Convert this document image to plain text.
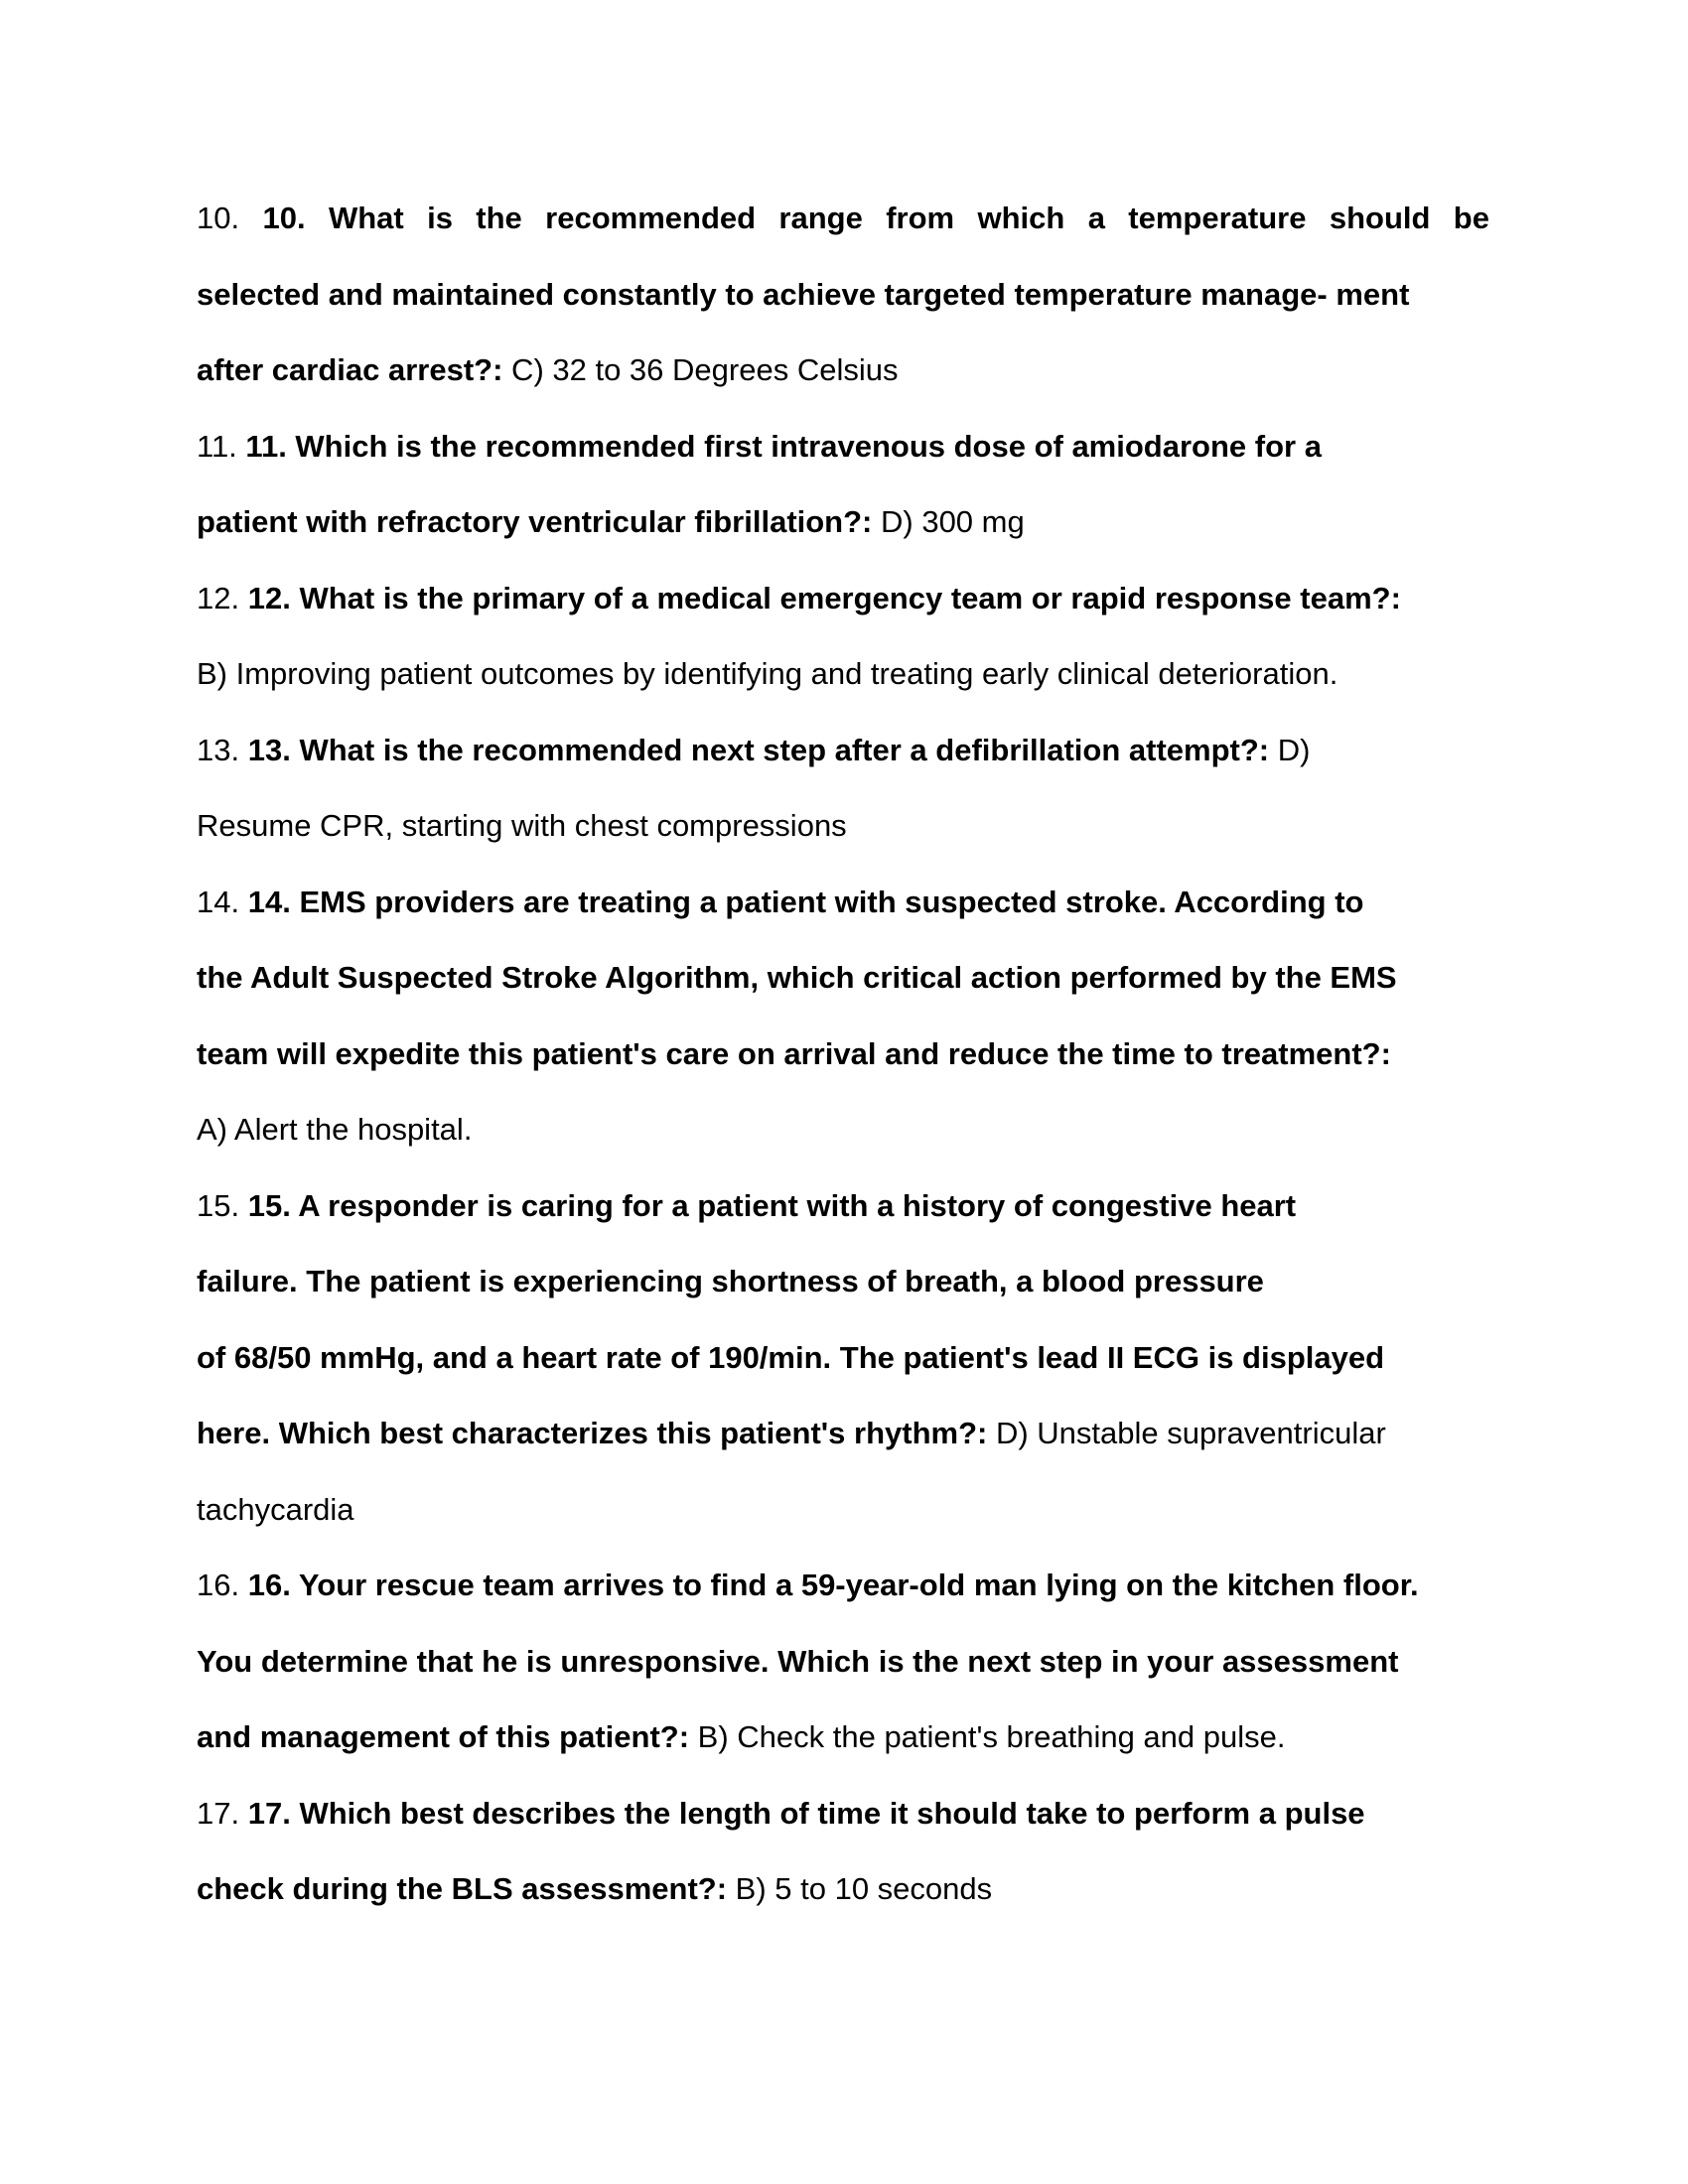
10. 10. What is the recommended range from which a temperature should be
selected and maintained constantly to achieve targeted temperature manage- ment
after cardiac arrest?: C) 32 to 36 Degrees Celsius
11. 11. Which is the recommended first intravenous dose of amiodarone for a
patient with refractory ventricular fibrillation?: D) 300 mg
12. 12. What is the primary of a medical emergency team or rapid response team?:
B) Improving patient outcomes by identifying and treating early clinical deterioration.
13. 13. What is the recommended next step after a defibrillation attempt?: D)
Resume CPR, starting with chest compressions
14. 14. EMS providers are treating a patient with suspected stroke. According to
the Adult Suspected Stroke Algorithm, which critical action performed by the EMS
team will expedite this patient's care on arrival and reduce the time to treatment?:
A) Alert the hospital.
15. 15. A responder is caring for a patient with a history of congestive heart
failure. The patient is experiencing shortness of breath, a blood pressure
of 68/50 mmHg, and a heart rate of 190/min. The patient's lead II ECG is displayed
here. Which best characterizes this patient's rhythm?: D) Unstable supraventricular
tachycardia
16. 16. Your rescue team arrives to find a 59-year-old man lying on the kitchen floor.
You determine that he is unresponsive. Which is the next step in your assessment
and management of this patient?: B) Check the patient's breathing and pulse.
17. 17. Which best describes the length of time it should take to perform a pulse
check during the BLS assessment?: B) 5 to 10 seconds
